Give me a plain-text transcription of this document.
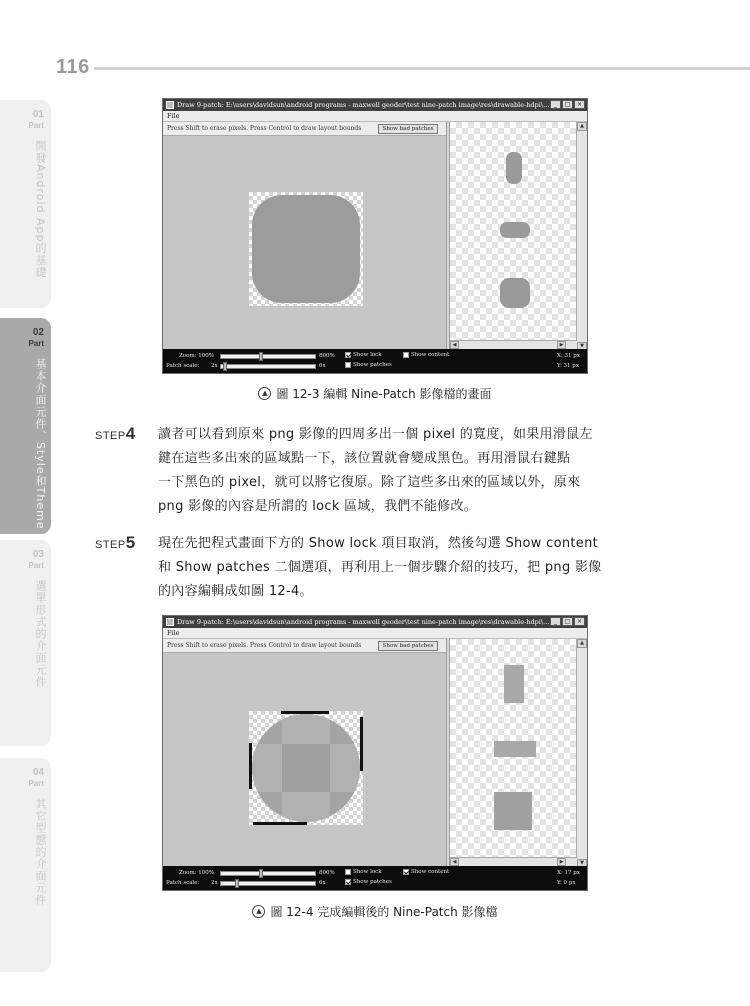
116
01
Part
開發Android App的基礎
02
Part
基本介面元件、Style和Theme
03
Part
選單形式的介面元件
04
Part
其它型態的介面元件
Draw 9-patch: E:\users\davidsun\android programs - maxwell geoder\test nine-patch image\res\drawable-hdpi\... _	□	×
File
Press Shift to erase pixels. Press Control to draw layout bounds	Show bad patches	▲
▼
◀	▶
Zoom: 100%	800%
Patch scale: 2x	6x
Show lock	Show content
Show patches
X: 31 px
Y: 31 px
▲ 圖 12-3 編輯 Nine-Patch 影像檔的畫面
STEP4 讀者可以看到原來 png 影像的四周多出一個 pixel 的寬度，如果用滑鼠左
鍵在這些多出來的區域點一下，該位置就會變成黑色。再用滑鼠右鍵點
一下黑色的 pixel，就可以將它復原。除了這些多出來的區域以外，原來
png 影像的內容是所謂的 lock 區域，我們不能修改。
STEP5 現在先把程式畫面下方的 Show lock 項目取消，然後勾選 Show content
和 Show patches 二個選項，再利用上一個步驟介紹的技巧，把 png 影像
的內容編輯成如圖 12-4。
Draw 9-patch: E:\users\davidsun\android programs - maxwell geoder\test nine-patch image\res\drawable-hdpi\... _	□	×
File
Press Shift to erase pixels. Press Control to draw layout bounds	Show bad patches	▲
▼
◀	▶
Zoom: 100%	800%
Patch scale: 2x	6x
Show lock	Show content
Show patches
X: 17 px
Y: 0 px
▲ 圖 12-4 完成編輯後的 Nine-Patch 影像檔
